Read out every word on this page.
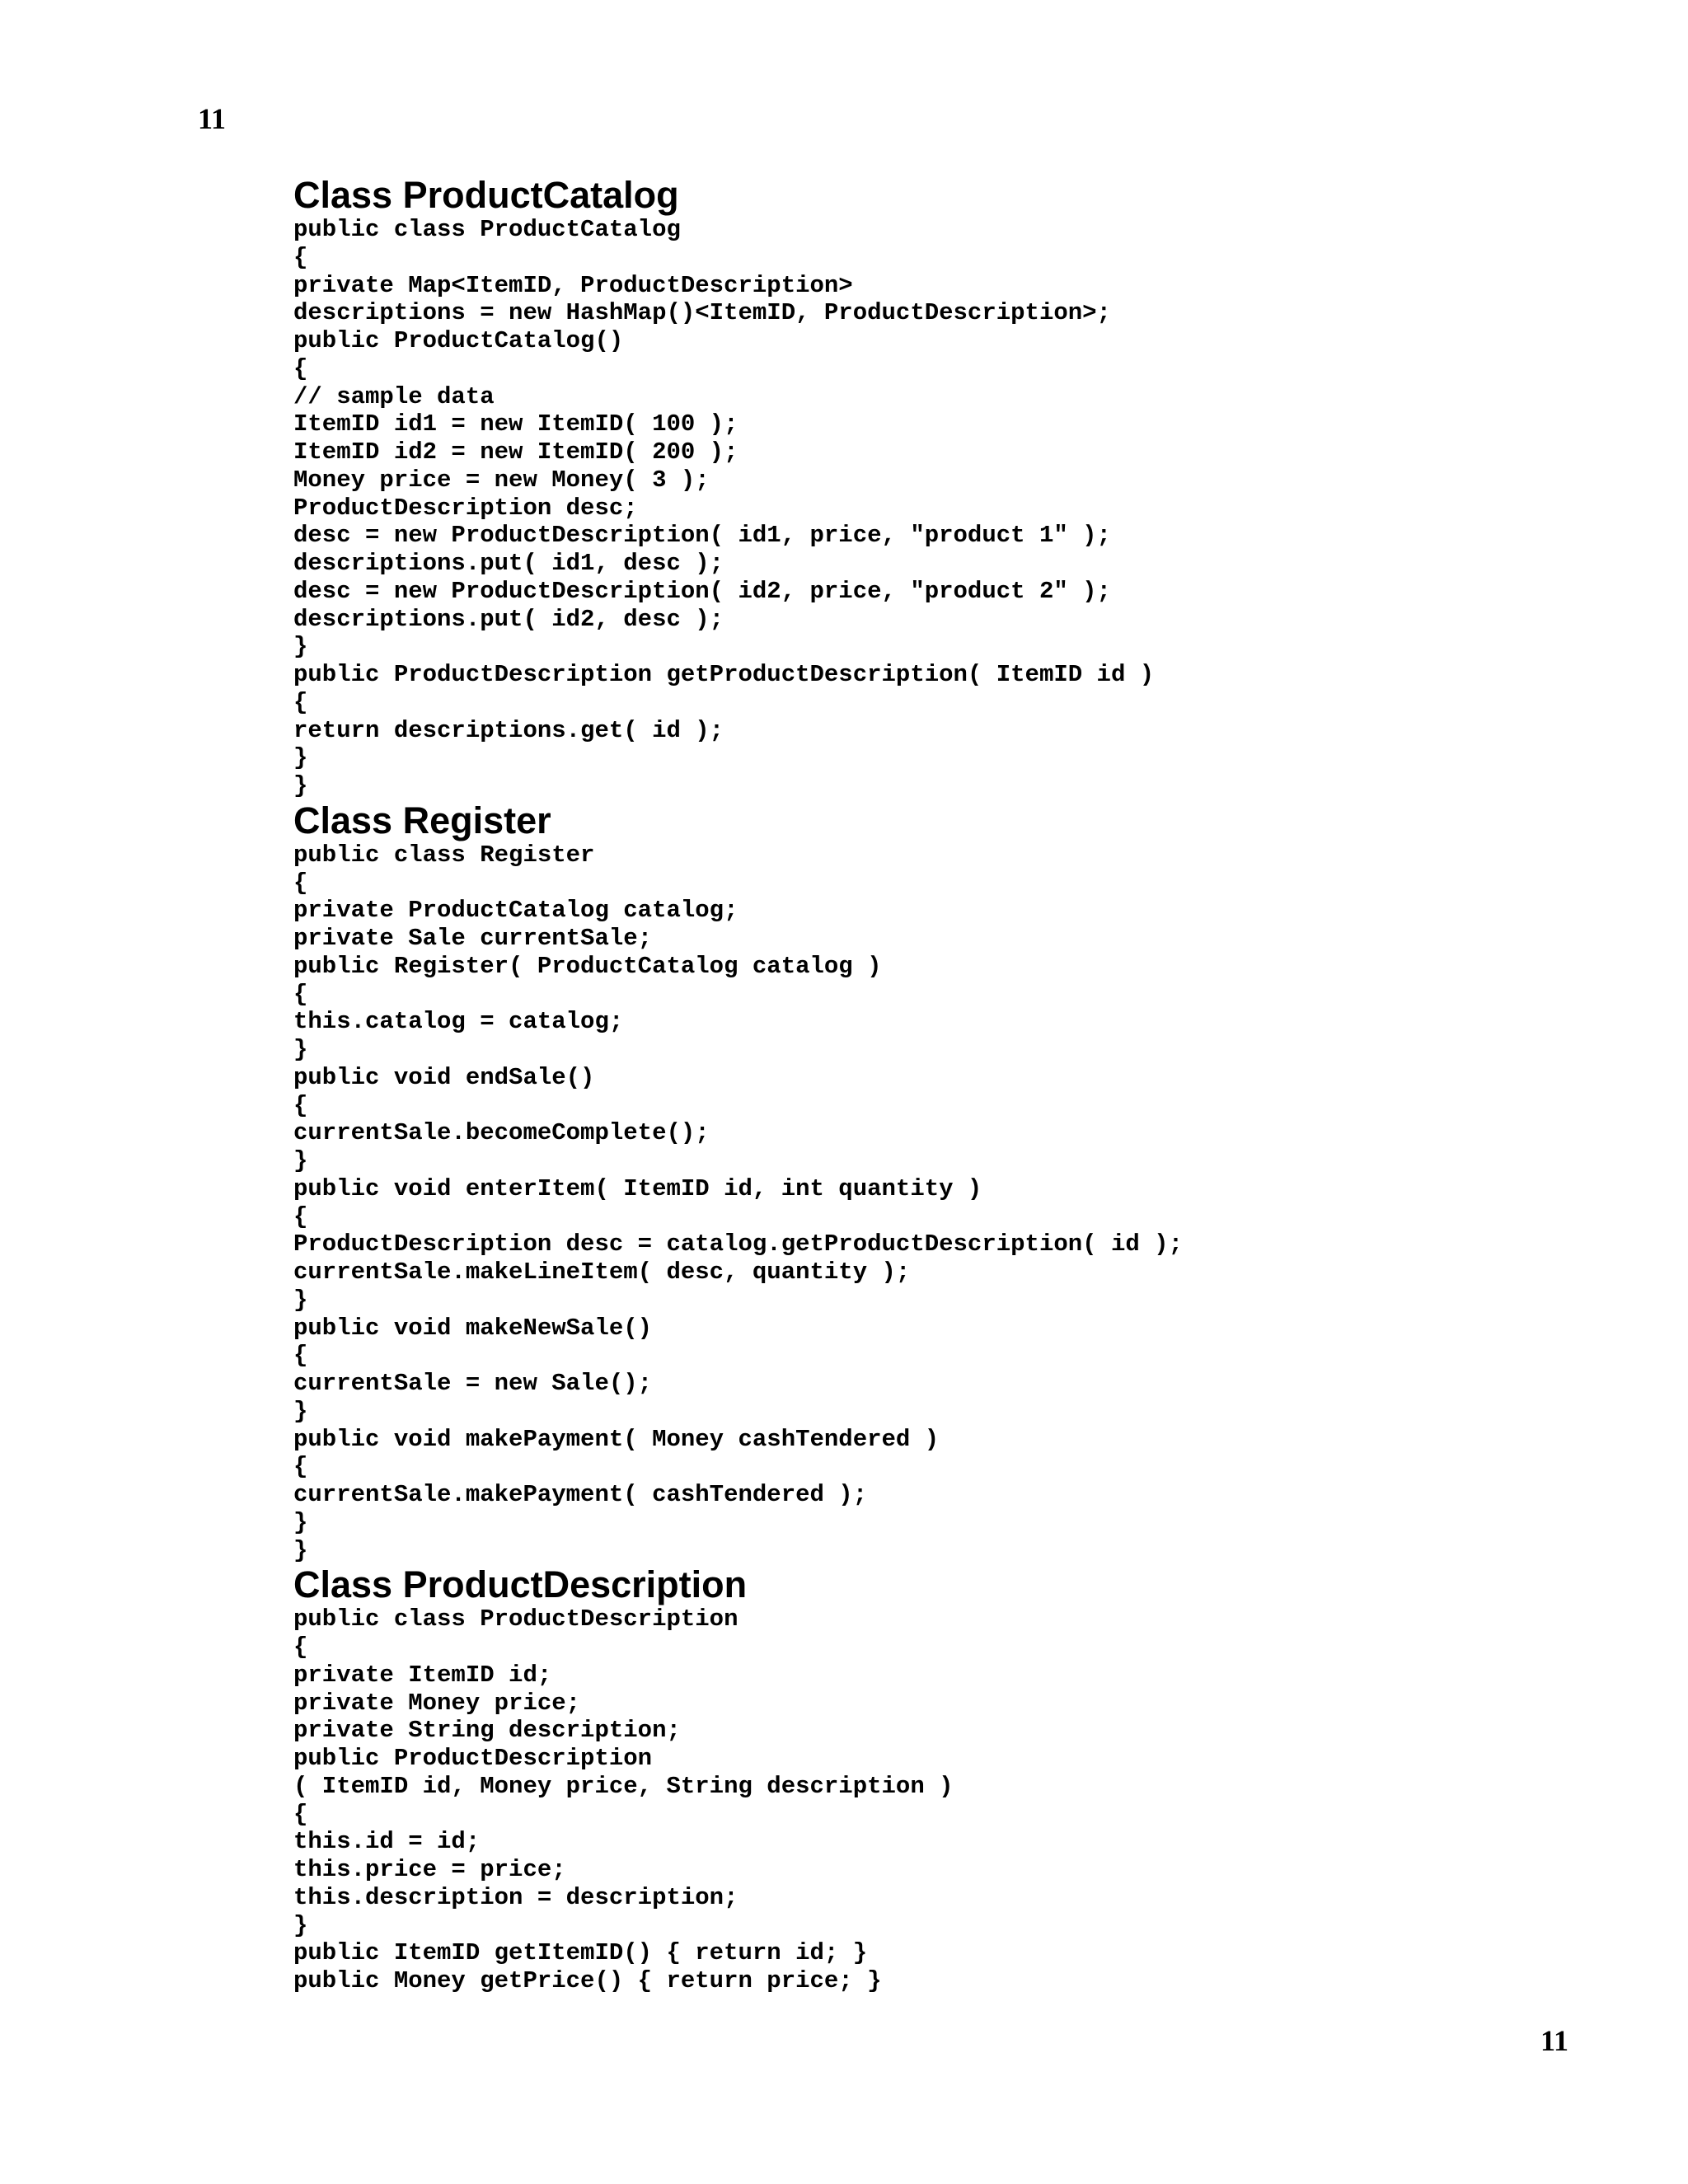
11
Class ProductCatalog
public class ProductCatalog
{
private Map<ItemID, ProductDescription>
descriptions = new HashMap()<ItemID, ProductDescription>;
public ProductCatalog()
{
// sample data
ItemID id1 = new ItemID( 100 );
ItemID id2 = new ItemID( 200 );
Money price = new Money( 3 );
ProductDescription desc;
desc = new ProductDescription( id1, price, "product 1" );
descriptions.put( id1, desc );
desc = new ProductDescription( id2, price, "product 2" );
descriptions.put( id2, desc );
}
public ProductDescription getProductDescription( ItemID id )
{
return descriptions.get( id );
}
}
Class Register
public class Register
{
private ProductCatalog catalog;
private Sale currentSale;
public Register( ProductCatalog catalog )
{
this.catalog = catalog;
}
public void endSale()
{
currentSale.becomeComplete();
}
public void enterItem( ItemID id, int quantity )
{
ProductDescription desc = catalog.getProductDescription( id );
currentSale.makeLineItem( desc, quantity );
}
public void makeNewSale()
{
currentSale = new Sale();
}
public void makePayment( Money cashTendered )
{
currentSale.makePayment( cashTendered );
}
}
Class ProductDescription
public class ProductDescription
{
private ItemID id;
private Money price;
private String description;
public ProductDescription
( ItemID id, Money price, String description )
{
this.id = id;
this.price = price;
this.description = description;
}
public ItemID getItemID() { return id; }
public Money getPrice() { return price; }
11
